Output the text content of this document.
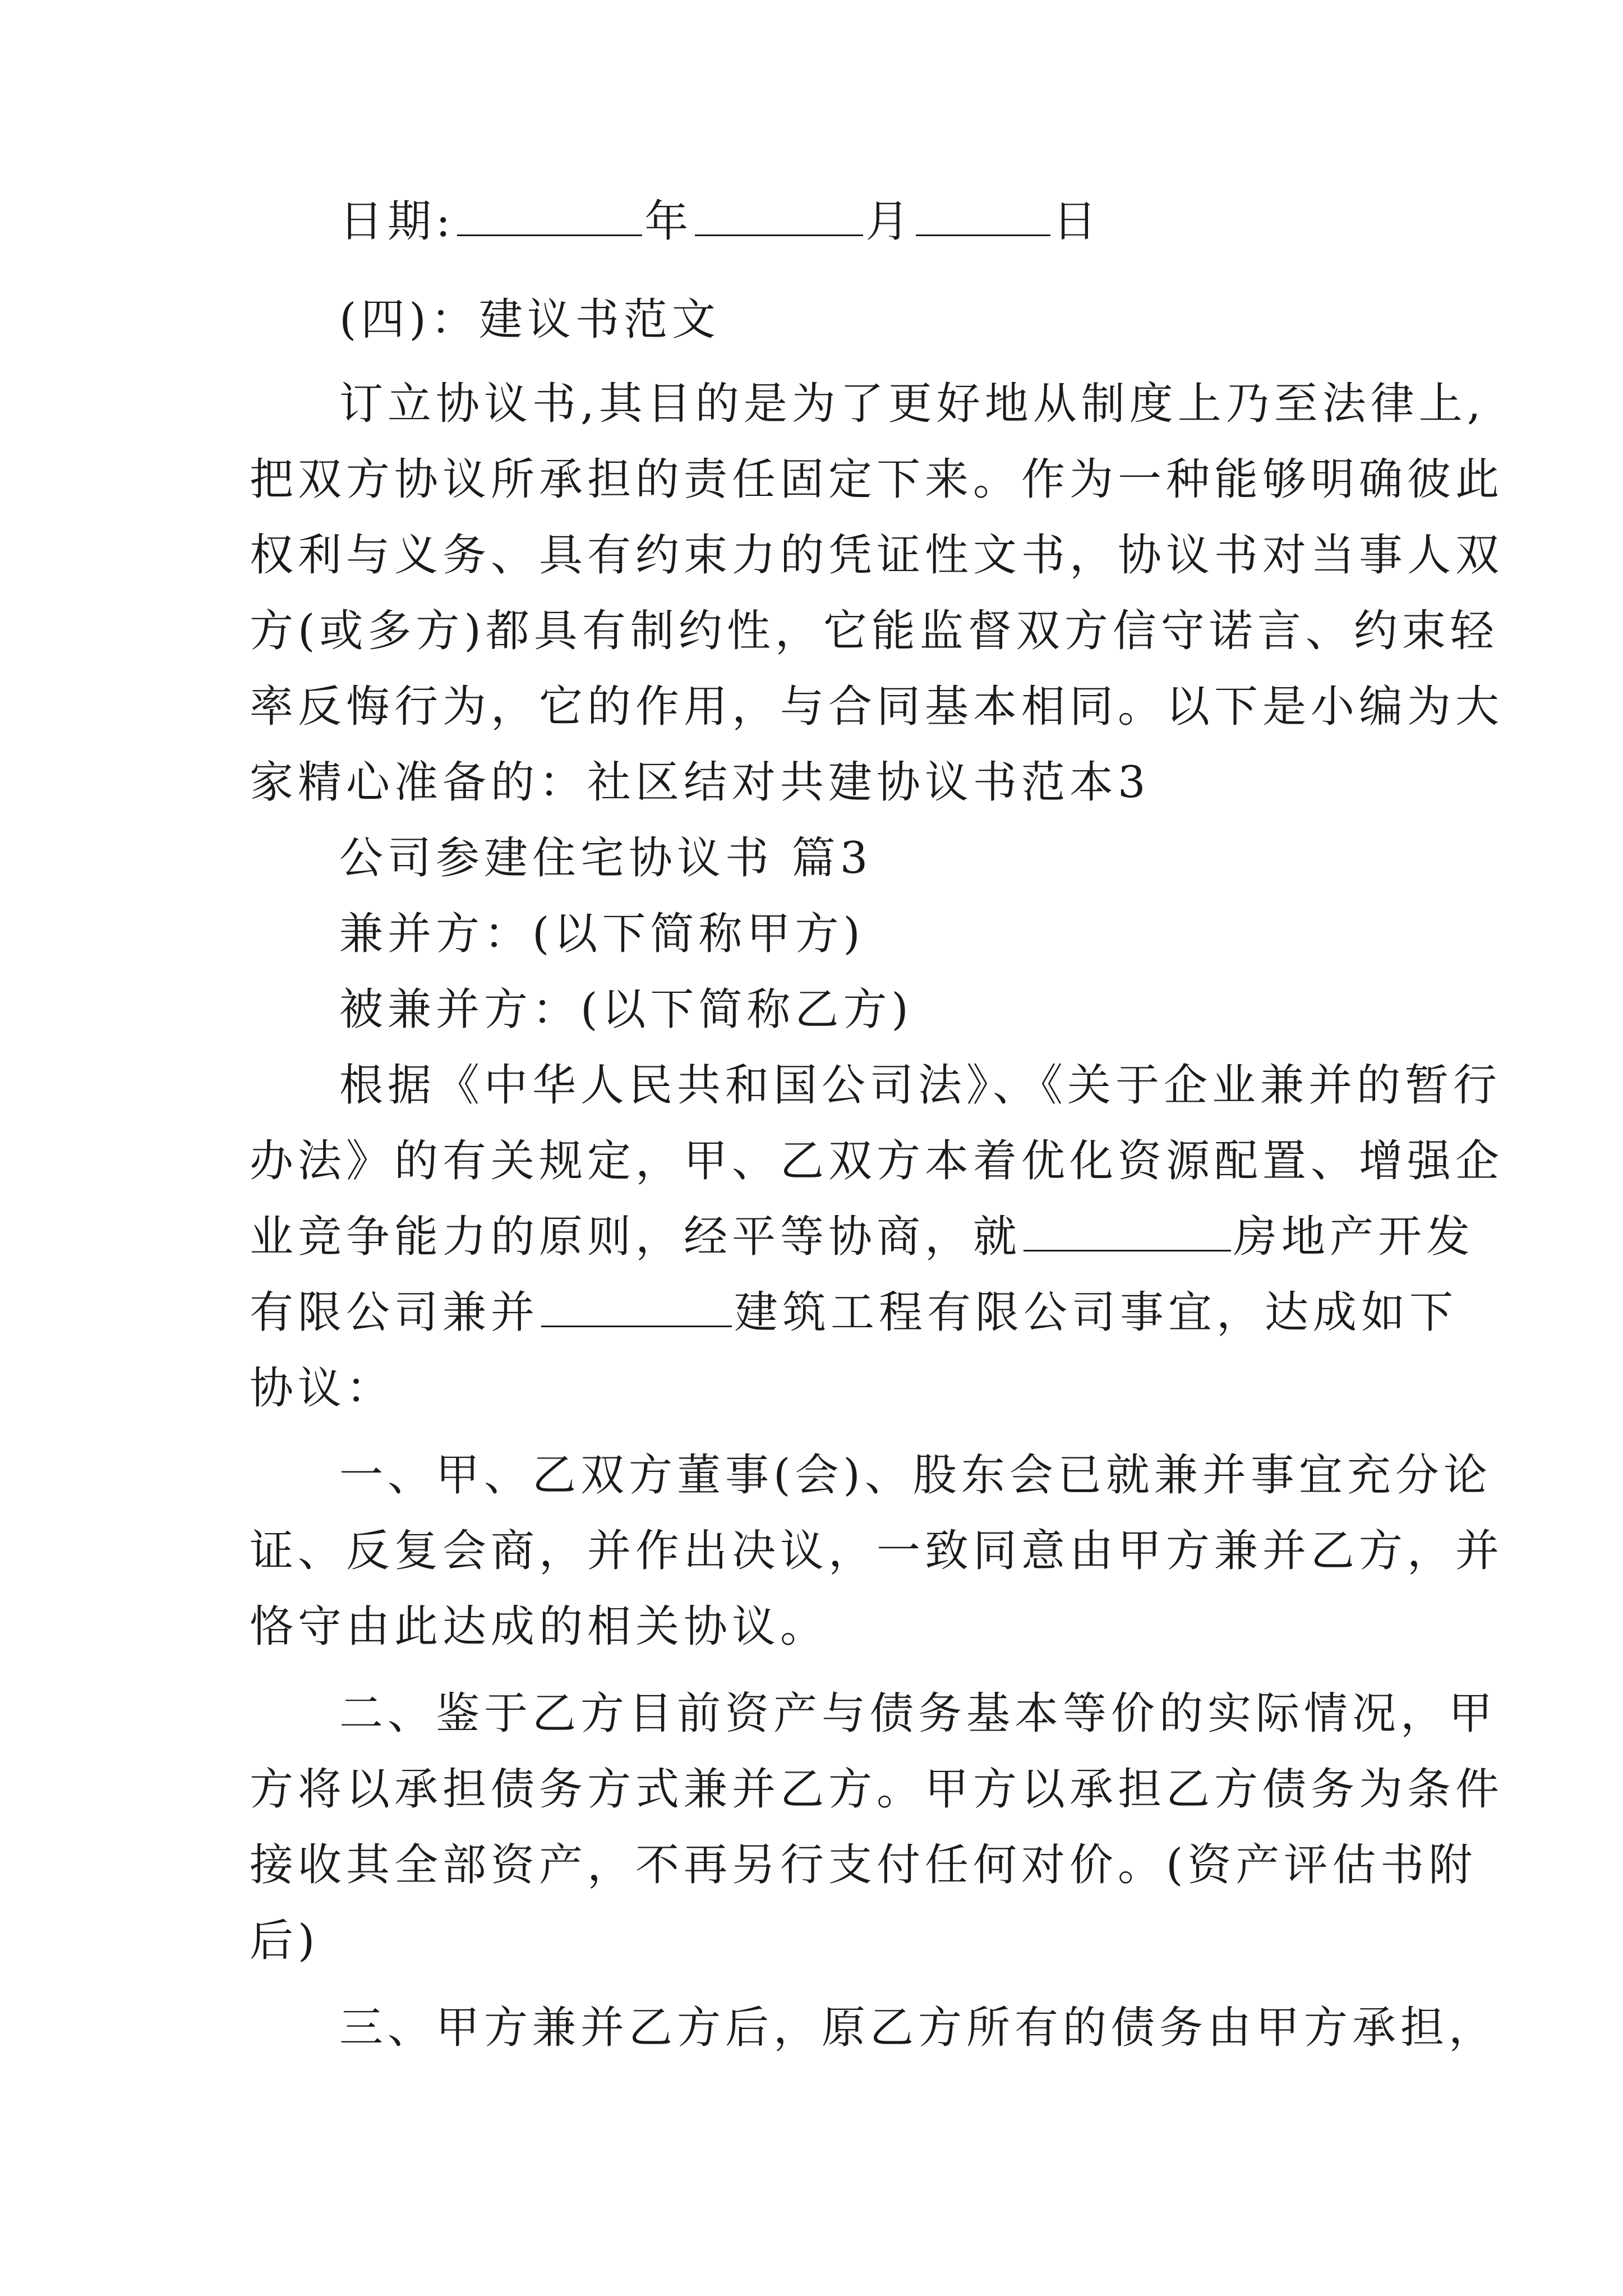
日期:	年	月	日
(四)：建议书范文
订立协议书,其目的是为了更好地从制度上乃至法律上,
把双方协议所承担的责任固定下来。作为一种能够明确彼此
权利与义务、具有约束力的凭证性文书，协议书对当事人双
方(或多方)都具有制约性，它能监督双方信守诺言、约束轻
率反悔行为，它的作用，与合同基本相同。以下是小编为大
家精心准备的：社区结对共建协议书范本3
公司参建住宅协议书 篇3
兼并方：(以下简称甲方)
被兼并方：(以下简称乙方)
根据《中华人民共和国公司法》、《关于企业兼并的暂行
办法》的有关规定，甲、乙双方本着优化资源配置、增强企
业竞争能力的原则，经平等协商，就	房地产开发
有限公司兼并	建筑工程有限公司事宜，达成如下
协议：
一、甲、乙双方董事(会)、股东会已就兼并事宜充分论
证、反复会商，并作出决议，一致同意由甲方兼并乙方，并
恪守由此达成的相关协议。
二、鉴于乙方目前资产与债务基本等价的实际情况，甲
方将以承担债务方式兼并乙方。甲方以承担乙方债务为条件
接收其全部资产，不再另行支付任何对价。(资产评估书附
后)
三、甲方兼并乙方后，原乙方所有的债务由甲方承担，
